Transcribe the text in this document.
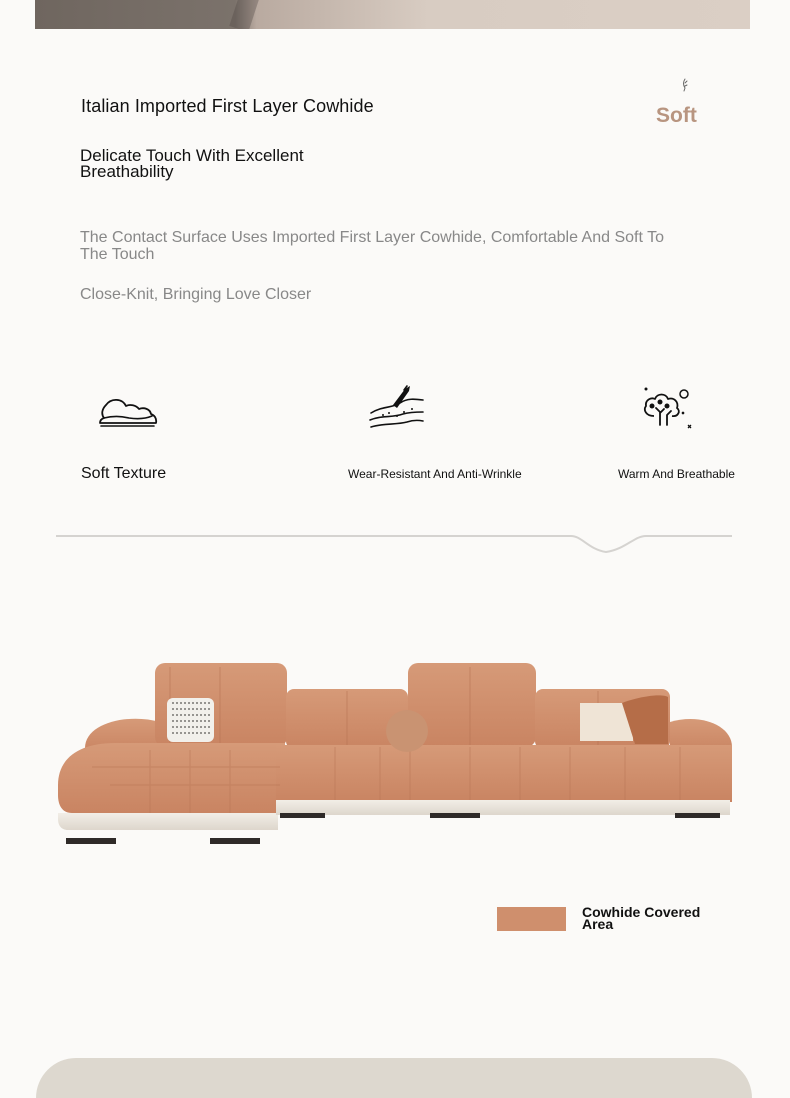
Italian Imported First Layer Cowhide	Soft
Delicate Touch With Excellent Breathability

The Contact Surface Uses Imported First Layer Cowhide, Comfortable And Soft To The Touch

Close-Knit, Bringing Love Closer

Soft Texture	Wear-Resistant And Anti-Wrinkle	Warm And Breathable

Cowhide Covered Area
